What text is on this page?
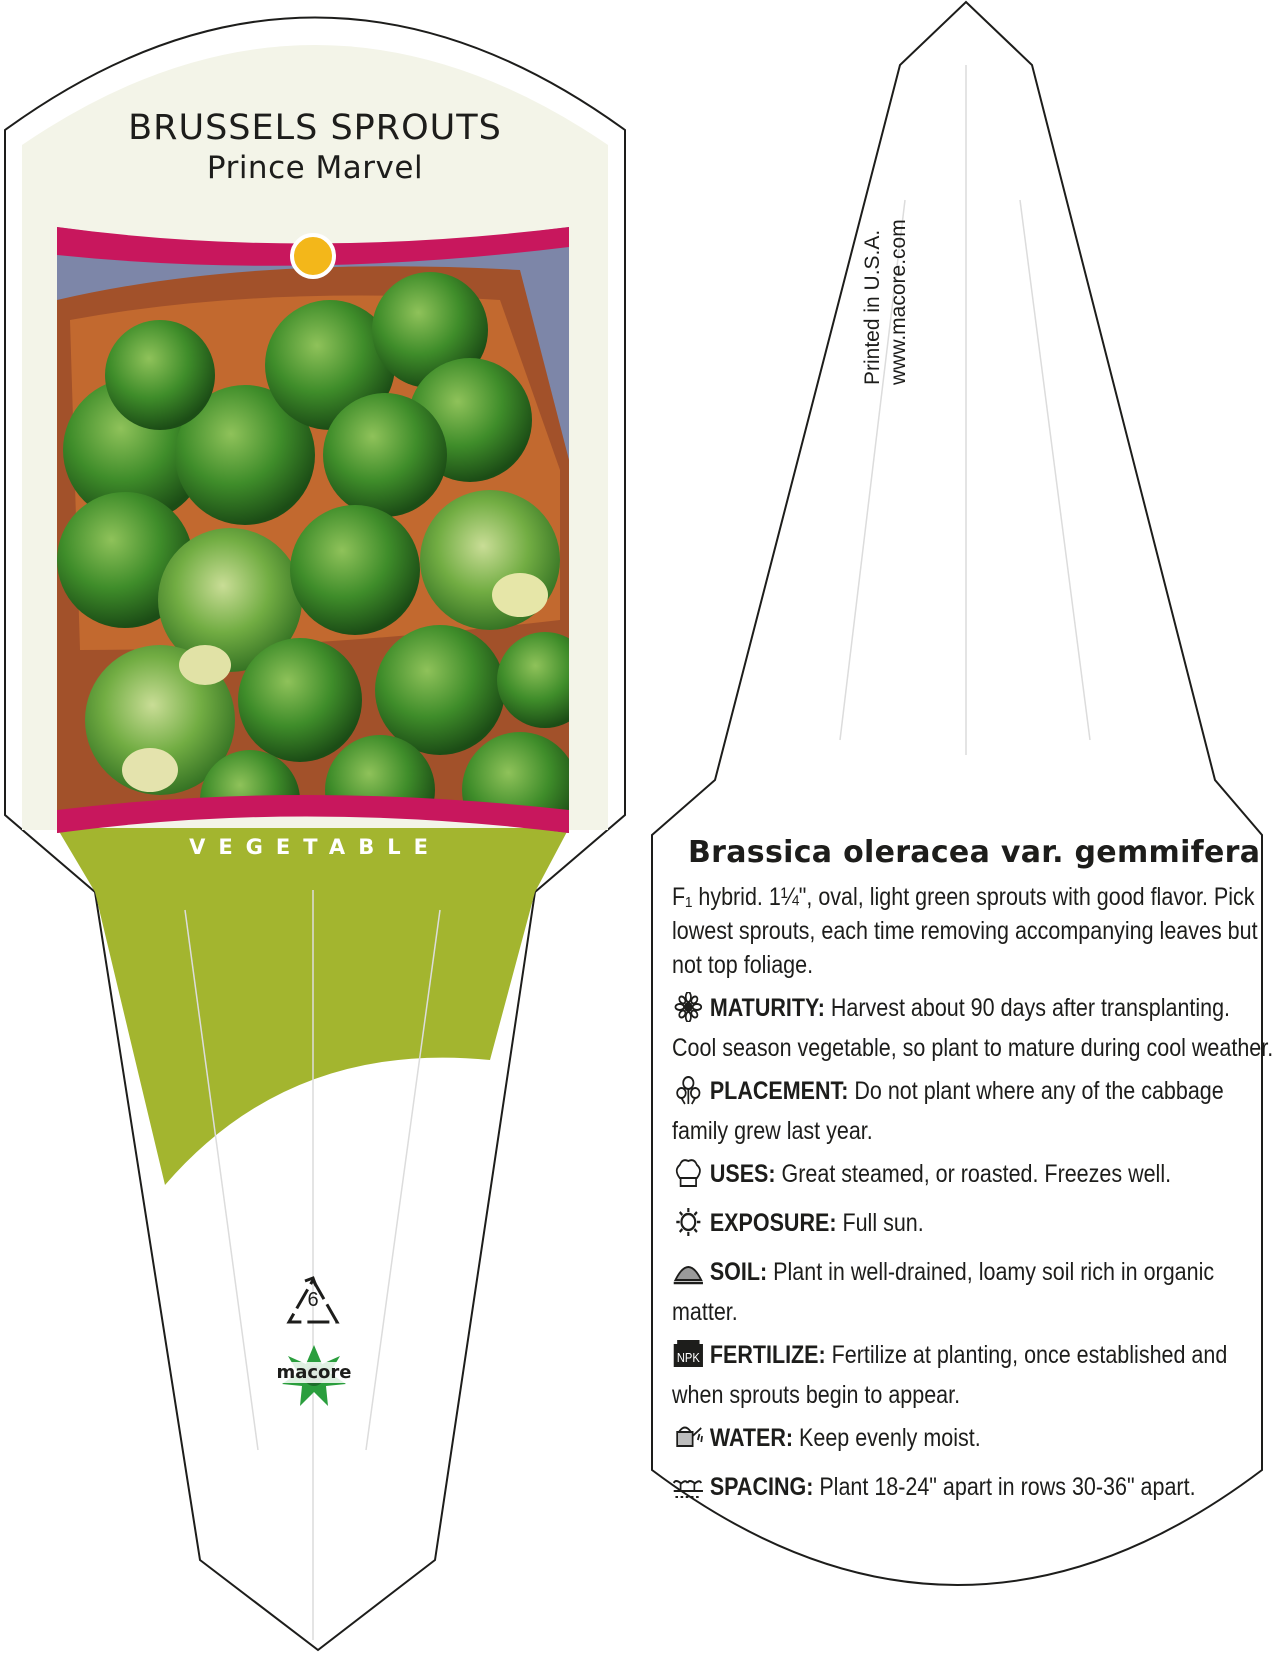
BRUSSELS SPROUTS
Prince Marvel
VEGETABLE
6
macore
Printed in U.S.A. www.macore.com
Brassica oleracea var. gemmifera
F₁ hybrid. 1¼", oval, light green sprouts with good flavor. Pick lowest sprouts, each time removing accompanying leaves but not top foliage.
MATURITY: Harvest about 90 days after transplanting. Cool season vegetable, so plant to mature during cool weather.
PLACEMENT: Do not plant where any of the cabbage family grew last year.
USES: Great steamed, or roasted. Freezes well.
EXPOSURE: Full sun.
SOIL: Plant in well-drained, loamy soil rich in organic matter.
NPK FERTILIZE: Fertilize at planting, once established and when sprouts begin to appear.
WATER: Keep evenly moist.
SPACING: Plant 18-24" apart in rows 30-36" apart.
